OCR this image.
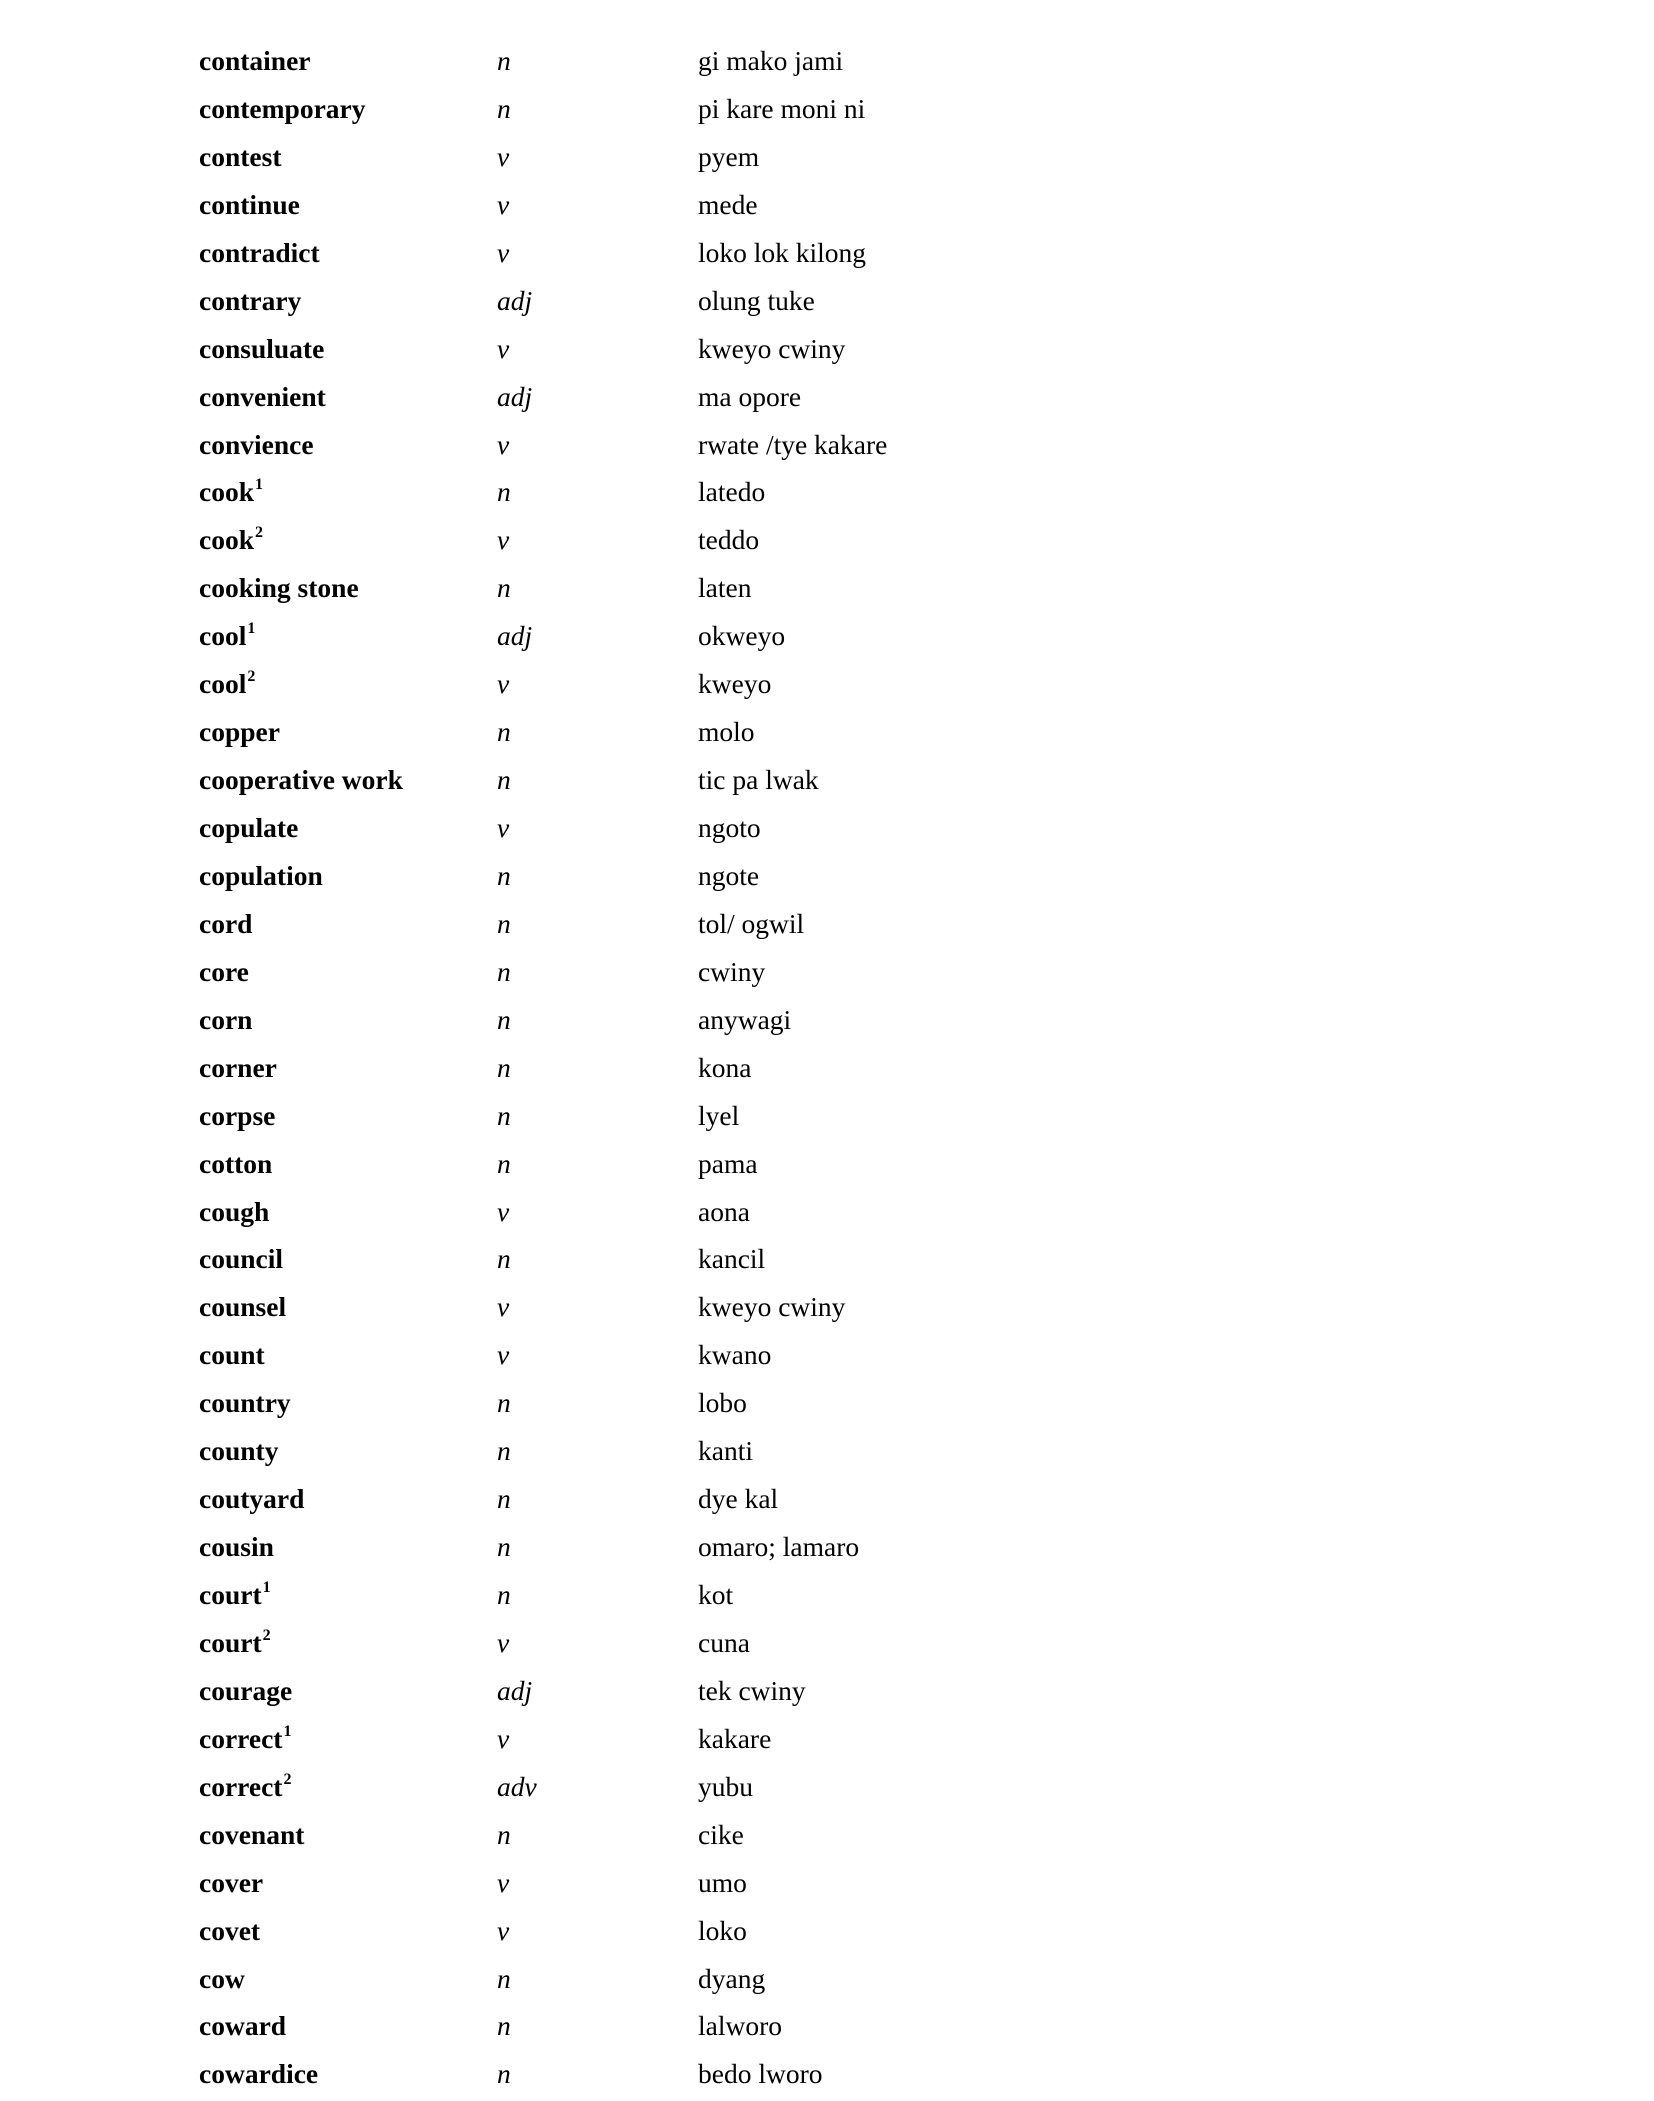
container	n	gi mako jami
contemporary	n	pi kare moni ni
contest	v	pyem
continue	v	mede
contradict	v	loko lok kilong
contrary	adj	olung tuke
consuluate	v	kweyo cwiny
convenient	adj	ma opore
convience	v	rwate /tye kakare
cook$^1$	n	latedo
cook$^2$	v	teddo
cooking stone	n	laten
cool$^1$	adj	okweyo
cool$^2$	v	kweyo
copper	n	molo
cooperative work	n	tic pa lwak
copulate	v	ngoto
copulation	n	ngote
cord	n	tol/ ogwil
core	n	cwiny
corn	n	anywagi
corner	n	kona
corpse	n	lyel
cotton	n	pama
cough	v	aona
council	n	kancil
counsel	v	kweyo cwiny
count	v	kwano
country	n	lobo
county	n	kanti
coutyard	n	dye kal
cousin	n	omaro; lamaro
court$^1$	n	kot
court$^2$	v	cuna
courage	adj	tek cwiny
correct$^1$	v	kakare
correct$^2$	adv	yubu
covenant	n	cike
cover	v	umo
covet	v	loko
cow	n	dyang
coward	n	lalworo
cowardice	n	bedo lworo
